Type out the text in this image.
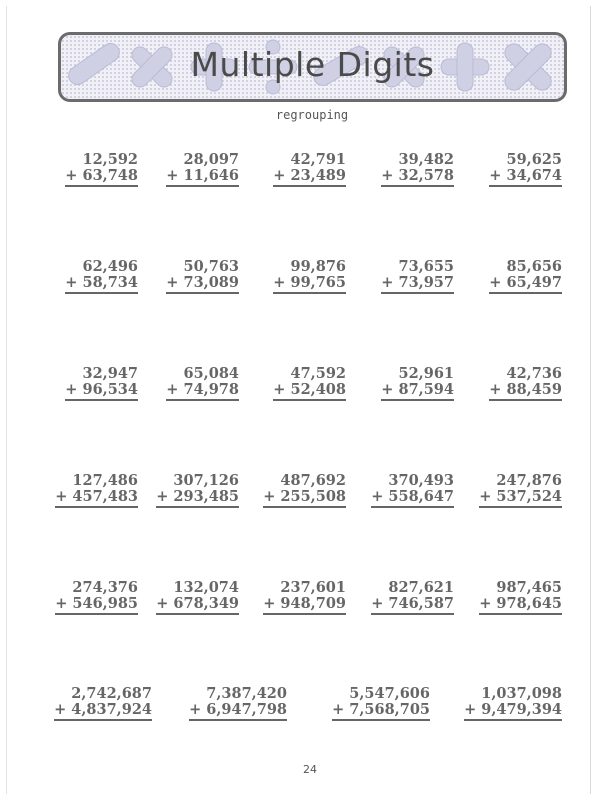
Multiple Digits
regrouping
12,592
+ 63,748
28,097
+ 11,646
42,791
+ 23,489
39,482
+ 32,578
59,625
+ 34,674
62,496
+ 58,734
50,763
+ 73,089
99,876
+ 99,765
73,655
+ 73,957
85,656
+ 65,497
32,947
+ 96,534
65,084
+ 74,978
47,592
+ 52,408
52,961
+ 87,594
42,736
+ 88,459
127,486
+ 457,483
307,126
+ 293,485
487,692
+ 255,508
370,493
+ 558,647
247,876
+ 537,524
274,376
+ 546,985
132,074
+ 678,349
237,601
+ 948,709
827,621
+ 746,587
987,465
+ 978,645
2,742,687
+ 4,837,924
7,387,420
+ 6,947,798
5,547,606
+ 7,568,705
1,037,098
+ 9,479,394
24
